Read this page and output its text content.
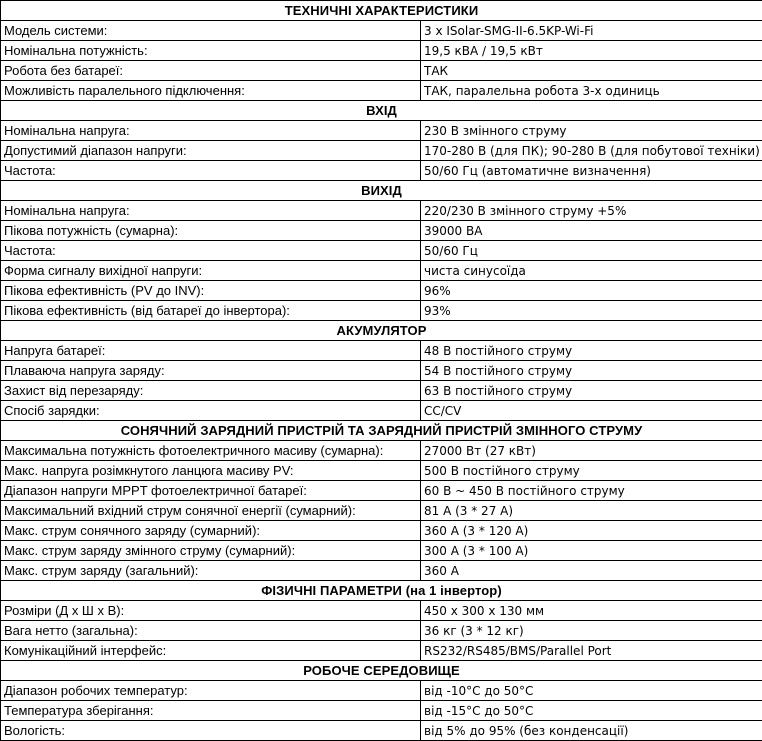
ТЕХНИЧНІ ХАРАКТЕРИСТИКИ	
Модель системи:	3 x ISolar-SMG-II-6.5KP-Wi-Fi
Номінальна потужність:	19,5 кВА / 19,5 кВт
Робота без батареї:	ТАК
Можливість паралельного підключення:	ТАК, паралельна робота 3-х одиниць
ВХІД	
Номінальна напруга:	230 В змінного струму
Допустимий діапазон напруги:	170-280 В (для ПК); 90-280 В (для побутової техніки)
Частота:	50/60 Гц (автоматичне визначення)
ВИХІД	
Номінальна напруга:	220/230 В змінного струму +5%
Пікова потужність (сумарна):	39000 ВА
Частота:	50/60 Гц
Форма сигналу вихідної напруги:	чиста синусоїда
Пікова ефективність (PV до INV):	96%
Пікова ефективність (від батареї до інвертора):	93%
АКУМУЛЯТОР	
Напруга батареї:	48 В постійного струму
Плаваюча напруга заряду:	54 В постійного струму
Захист від перезаряду:	63 В постійного струму
Спосіб зарядки:	CC/CV
СОНЯЧНИЙ ЗАРЯДНИЙ ПРИСТРІЙ ТА ЗАРЯДНИЙ ПРИСТРІЙ ЗМІННОГО СТРУМУ	
Максимальна потужність фотоелектричного масиву (сумарна):	27000 Вт (27 кВт)
Макс. напруга розімкнутого ланцюга масиву PV:	500 В постійного струму
Діапазон напруги MPPT фотоелектричної батареї:	60 В ~ 450 В постійного струму
Максимальний вхідний струм сонячної енергії (сумарний):	81 A (3 * 27 A)
Макс. струм сонячного заряду (сумарний):	360 A (3 * 120 A)
Макс. струм заряду змінного струму (сумарний):	300 A (3 * 100 A)
Макс. струм заряду (загальний):	360 A
ФІЗИЧНІ ПАРАМЕТРИ (на 1 інвертор)	
Розміри (Д х Ш х В):	450 x 300 x 130 мм
Вага нетто (загальна):	36 кг (3 * 12 кг)
Комунікаційний інтерфейс:	RS232/RS485/BMS/Parallel Port
РОБОЧЕ СЕРЕДОВИЩЕ	
Діапазон робочих температур:	від -10°C до 50°C
Температура зберігання:	від -15°C до 50°C
Вологість:	від 5% до 95% (без конденсації)
